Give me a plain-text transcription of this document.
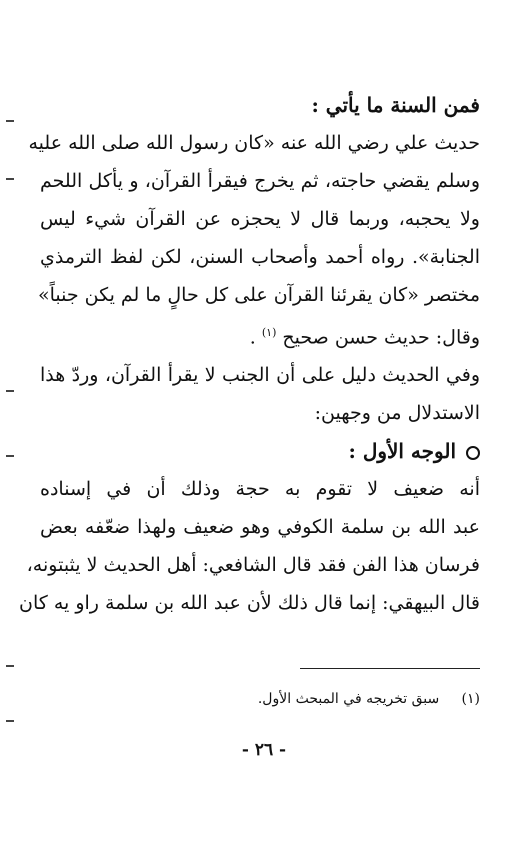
فمن السنة ما يأتي :
حديث علي رضي الله عنه «كان رسول الله صلى الله عليه
وسلم يقضي حاجته، ثم يخرج فيقرأ القرآن، و يأكل اللحم
ولا يحجبه، وربما قال لا يحجزه عن القرآن شيء ليس
الجنابة». رواه أحمد وأصحاب السنن، لكن لفظ الترمذي
مختصر «كان يقرئنا القرآن على كل حالٍ ما لم يكن جنباً»
وقال: حديث حسن صحيح $^{(١)}$ .
وفي الحديث دليل على أن الجنب لا يقرأ القرآن، وردّ هذا
الاستدلال من وجهين:
الوجه الأول :
أنه ضعيف لا تقوم به حجة وذلك أن في إسناده
عبد الله بن سلمة الكوفي وهو ضعيف ولهذا ضعّفه بعض
فرسان هذا الفن فقد قال الشافعي: أهل الحديث لا يثبتونه،
قال البيهقي: إنما قال ذلك لأن عبد الله بن سلمة راو يه كان
(١)     سبق تخريجه في المبحث الأول.
- ٢٦ -
